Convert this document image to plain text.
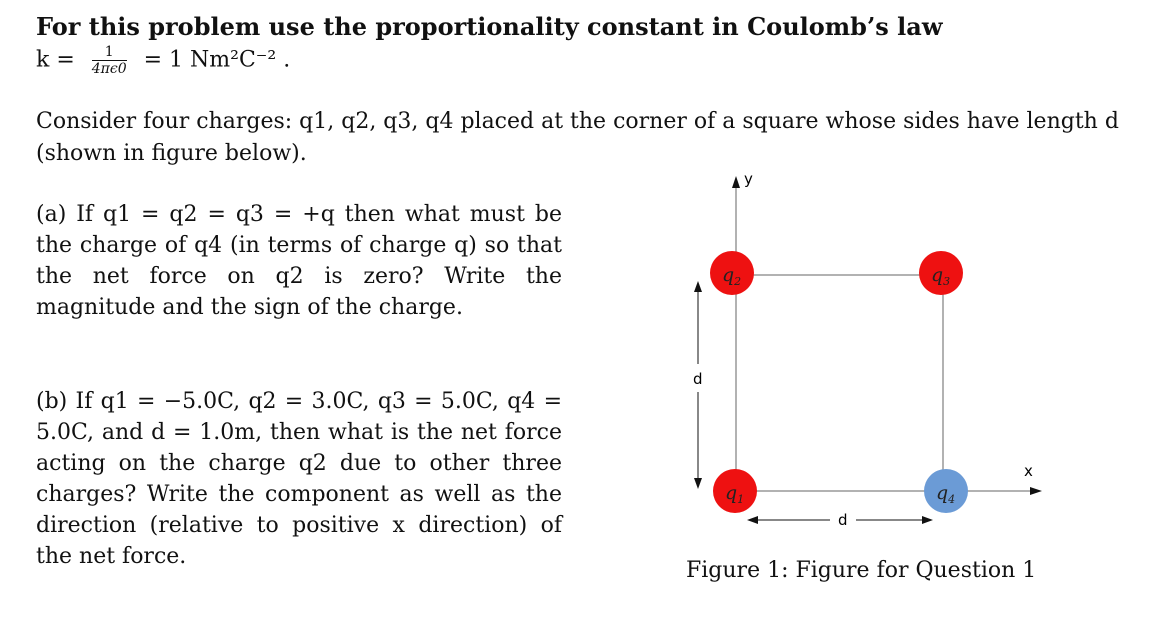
For this problem use the proportionality constant in Coulomb’s law
$k = \frac{1}{4\pi\epsilon 0} = 1$ Nm²C⁻² .
Consider four charges: q1, q2, q3, q4 placed at the corner of a square whose sides have length d (shown in figure below).
(a) If q1 = q2 = q3 = +q then what must be the charge of q4 (in terms of charge q) so that the net force on q2 is zero? Write the magnitude and the sign of the charge.
(b) If q1 = −5.0C, q2 = 3.0C, q3 = 5.0C, q4 = 5.0C, and d = 1.0m, then what is the net force acting on the charge q2 due to other three charges? Write the component as well as the direction (relative to positive x direction) of the net force.
y
x
d
d
$q_2$	$q_3$
$q_1$	$q_4$
Figure 1: Figure for Question 1
